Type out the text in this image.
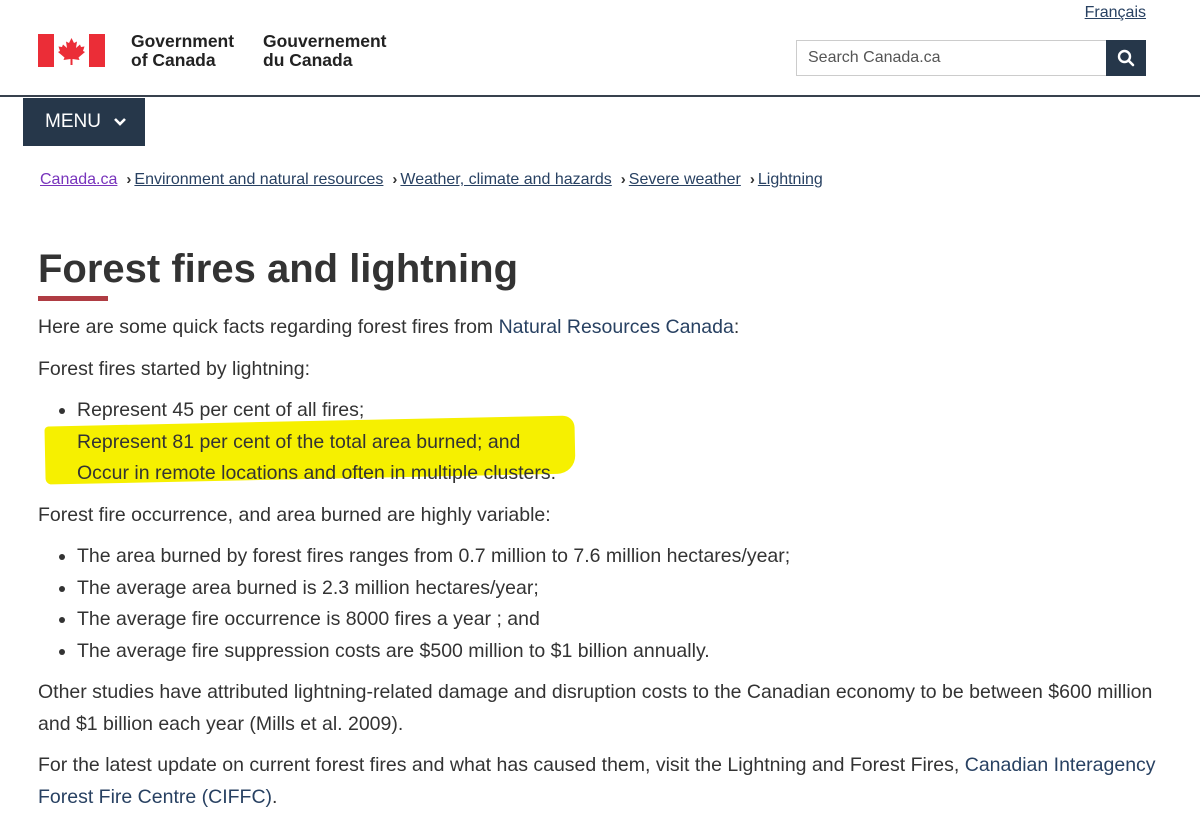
Français
Government
of Canada
Gouvernement
du Canada
Search Canada.ca
MENU
Canada.ca › Environment and natural resources › Weather, climate and hazards › Severe weather › Lightning
Forest fires and lightning

Here are some quick facts regarding forest fires from Natural Resources Canada:

Forest fires started by lightning:

• Represent 45 per cent of all fires;
• Represent 81 per cent of the total area burned; and
• Occur in remote locations and often in multiple clusters.

Forest fire occurrence, and area burned are highly variable:

• The area burned by forest fires ranges from 0.7 million to 7.6 million hectares/year;
• The average area burned is 2.3 million hectares/year;
• The average fire occurrence is 8000 fires a year ; and
• The average fire suppression costs are $500 million to $1 billion annually.

Other studies have attributed lightning-related damage and disruption costs to the Canadian economy to be between $600 million and $1 billion each year (Mills et al. 2009).

For the latest update on current forest fires and what has caused them, visit the Lightning and Forest Fires, Canadian Interagency Forest Fire Centre (CIFFC).
